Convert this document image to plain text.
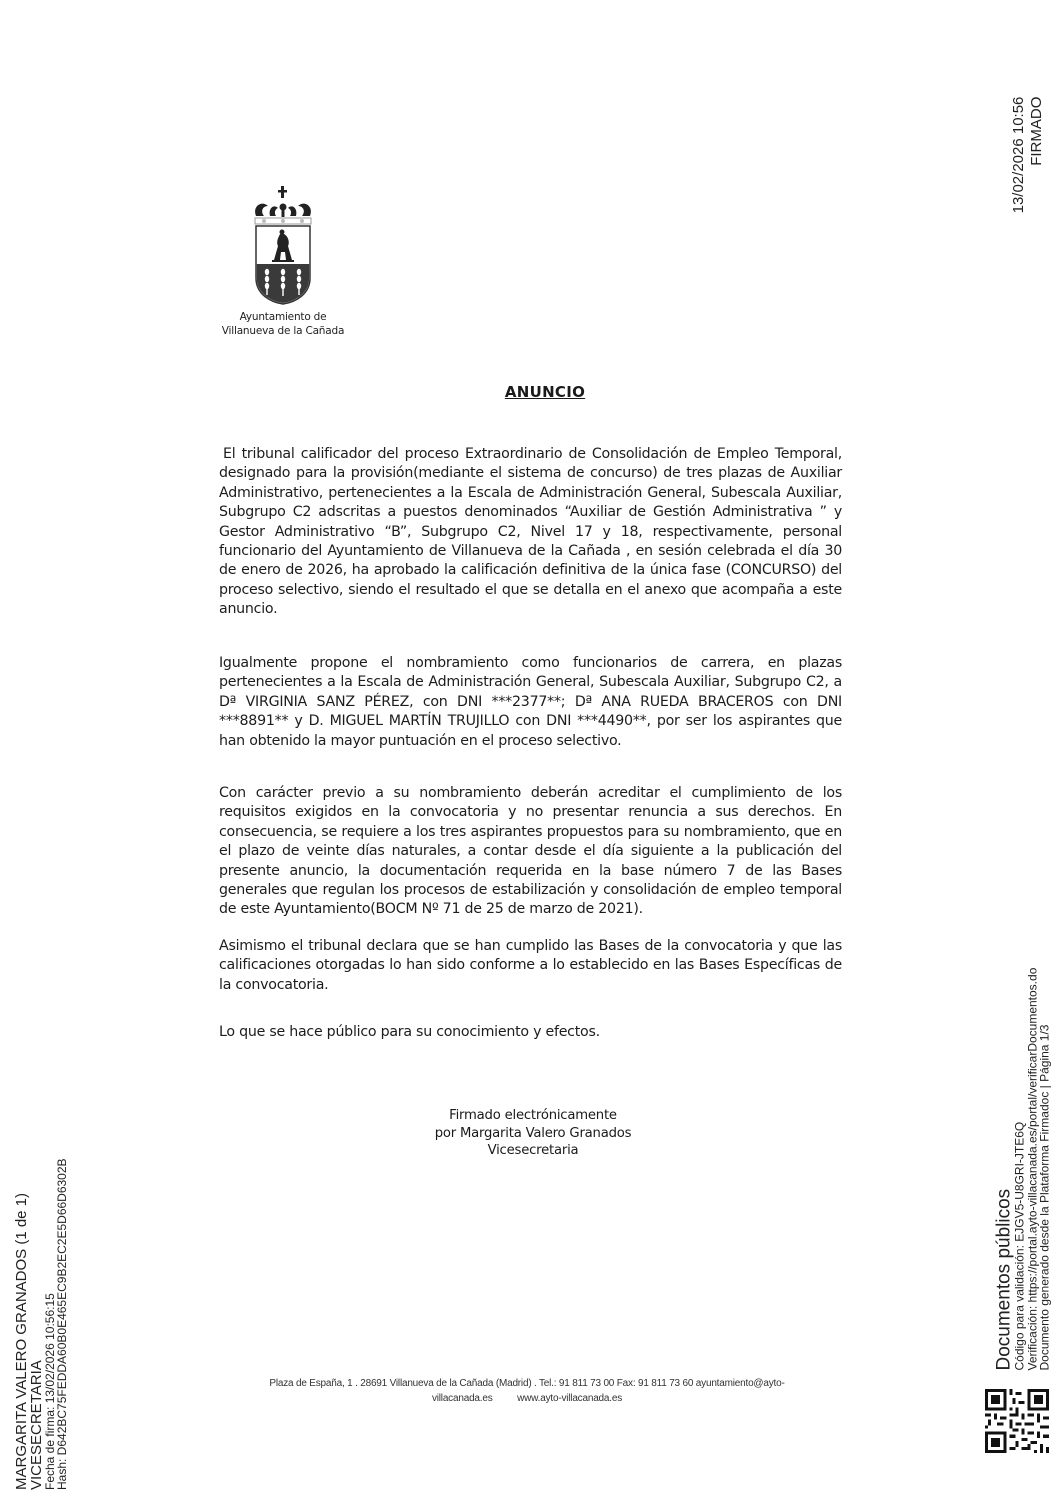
13/02/2026 10:56 FIRMADO
Ayuntamiento de
Villanueva de la Cañada
ANUNCIO
El tribunal calificador del proceso Extraordinario de Consolidación de Empleo Temporal, designado para la provisión(mediante el sistema de concurso) de tres plazas de Auxiliar Administrativo, pertenecientes a la Escala de Administración General, Subescala Auxiliar, Subgrupo C2 adscritas a puestos denominados “Auxiliar de Gestión Administrativa ” y Gestor Administrativo “B”, Subgrupo C2, Nivel 17 y 18, respectivamente, personal funcionario del Ayuntamiento de Villanueva de la Cañada , en sesión celebrada el día 30 de enero de 2026, ha aprobado la calificación definitiva de la única fase (CONCURSO) del proceso selectivo, siendo el resultado el que se detalla en el anexo que acompaña a este anuncio.
Igualmente propone el nombramiento como funcionarios de carrera, en plazas pertenecientes a la Escala de Administración General, Subescala Auxiliar, Subgrupo C2, a Dª VIRGINIA SANZ PÉREZ, con DNI ***2377**; Dª ANA RUEDA BRACEROS con DNI ***8891** y D. MIGUEL MARTÍN TRUJILLO con DNI ***4490**, por ser los aspirantes que han obtenido la mayor puntuación en el proceso selectivo.
Con carácter previo a su nombramiento deberán acreditar el cumplimiento de los requisitos exigidos en la convocatoria y no presentar renuncia a sus derechos. En consecuencia, se requiere a los tres aspirantes propuestos para su nombramiento, que en el plazo de veinte días naturales, a contar desde el día siguiente a la publicación del presente anuncio, la documentación requerida en la base número 7 de las Bases generales que regulan los procesos de estabilización y consolidación de empleo temporal de este Ayuntamiento(BOCM Nº 71 de 25 de marzo de 2021).
Asimismo el tribunal declara que se han cumplido las Bases de la convocatoria y que las calificaciones otorgadas lo han sido conforme a lo establecido en las Bases Específicas de la convocatoria.
Lo que se hace público para su conocimiento y efectos.
Firmado electrónicamente
por Margarita Valero Granados
Vicesecretaria
Plaza de España, 1 . 28691 Villanueva de la Cañada (Madrid) . Tel.: 91 811 73 00 Fax: 91 811 73 60 ayuntamiento@ayto-
villacanada.es www.ayto-villacanada.es
MARGARITA VALERO GRANADOS (1 de 1)
VICESECRETARIA
Fecha de firma: 13/02/2026 10:56:15
Hash: D642BC75FEDDA60B0E465EC9B2EC2E5D66D6302B	Documentos públicos
Código para validación: EJGV5-U8GRI-JTE6Q
Verificación: https://portal.ayto-villacanada.es/portal/verificarDocumentos.do
Documento generado desde la Plataforma Firmadoc | Página 1/3
